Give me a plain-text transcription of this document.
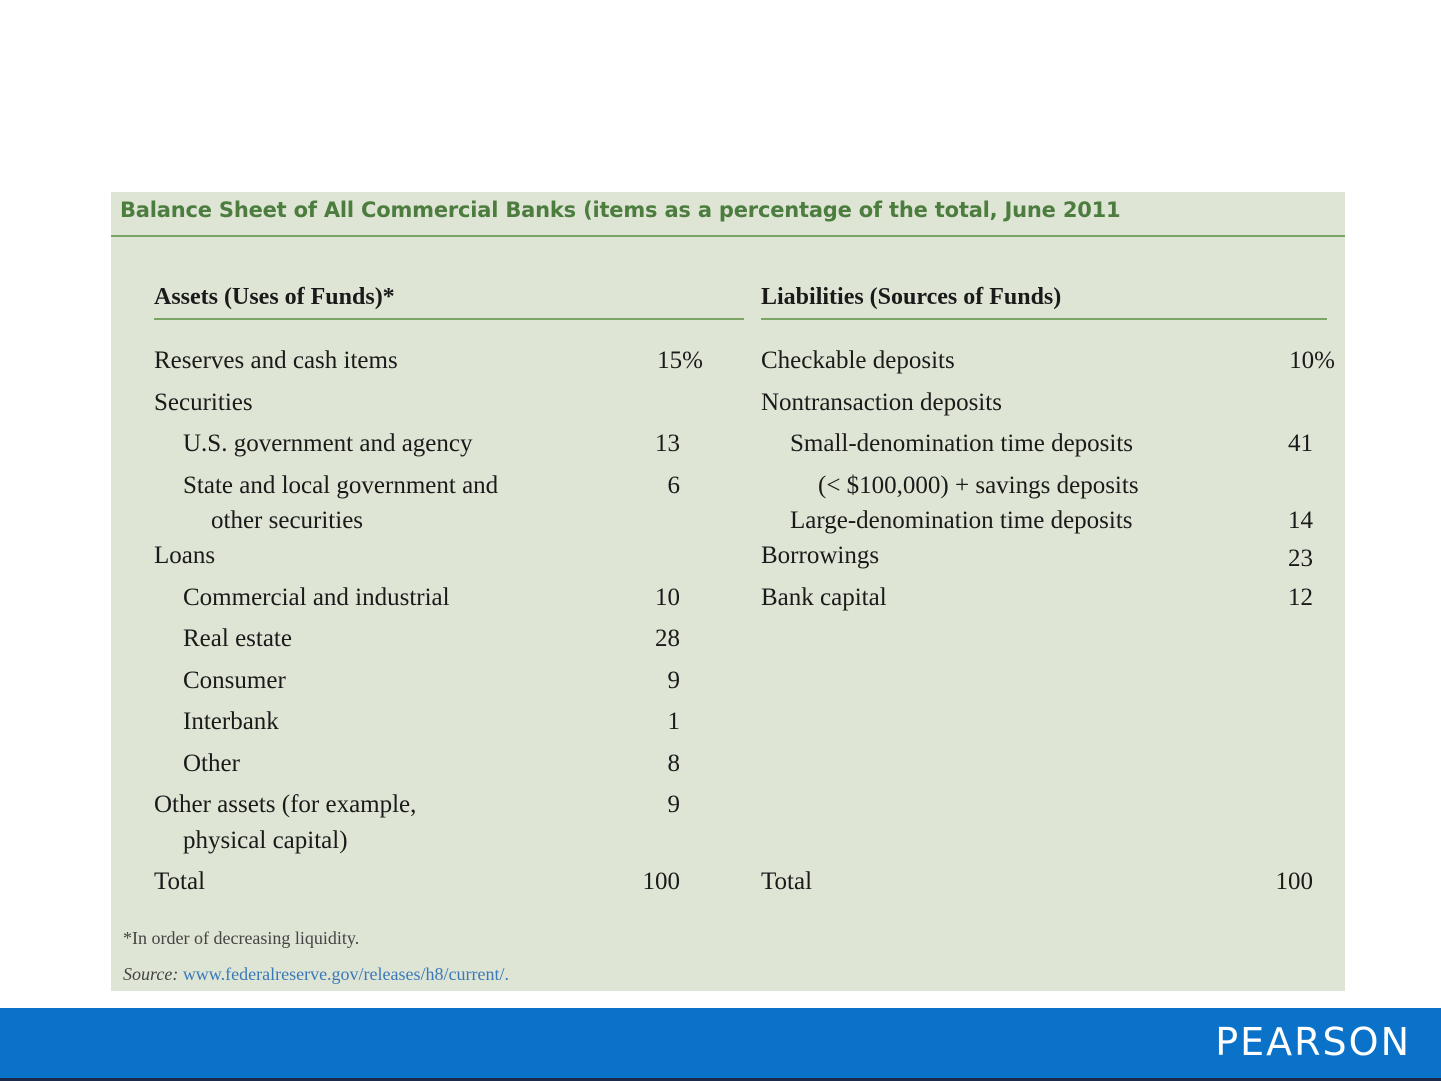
Balance Sheet of All Commercial Banks (items as a percentage of the total, June 2011
Assets (Uses of Funds)*	Liabilities (Sources of Funds)
Reserves and cash items	15%
Securities
U.S. government and agency	13
State and local government and	6
other securities
Loans
Commercial and industrial	10
Real estate	28
Consumer	9
Interbank	1
Other	8
Other assets (for example,	9
physical capital)
Total	100
Checkable deposits	10%
Nontransaction deposits
Small-denomination time deposits	41
(< $100,000) + savings deposits
Large-denomination time deposits	14
Borrowings	23
Bank capital	12
Total	100
*In order of decreasing liquidity.
Source: www.federalreserve.gov/releases/h8/current/.
PEARSON
